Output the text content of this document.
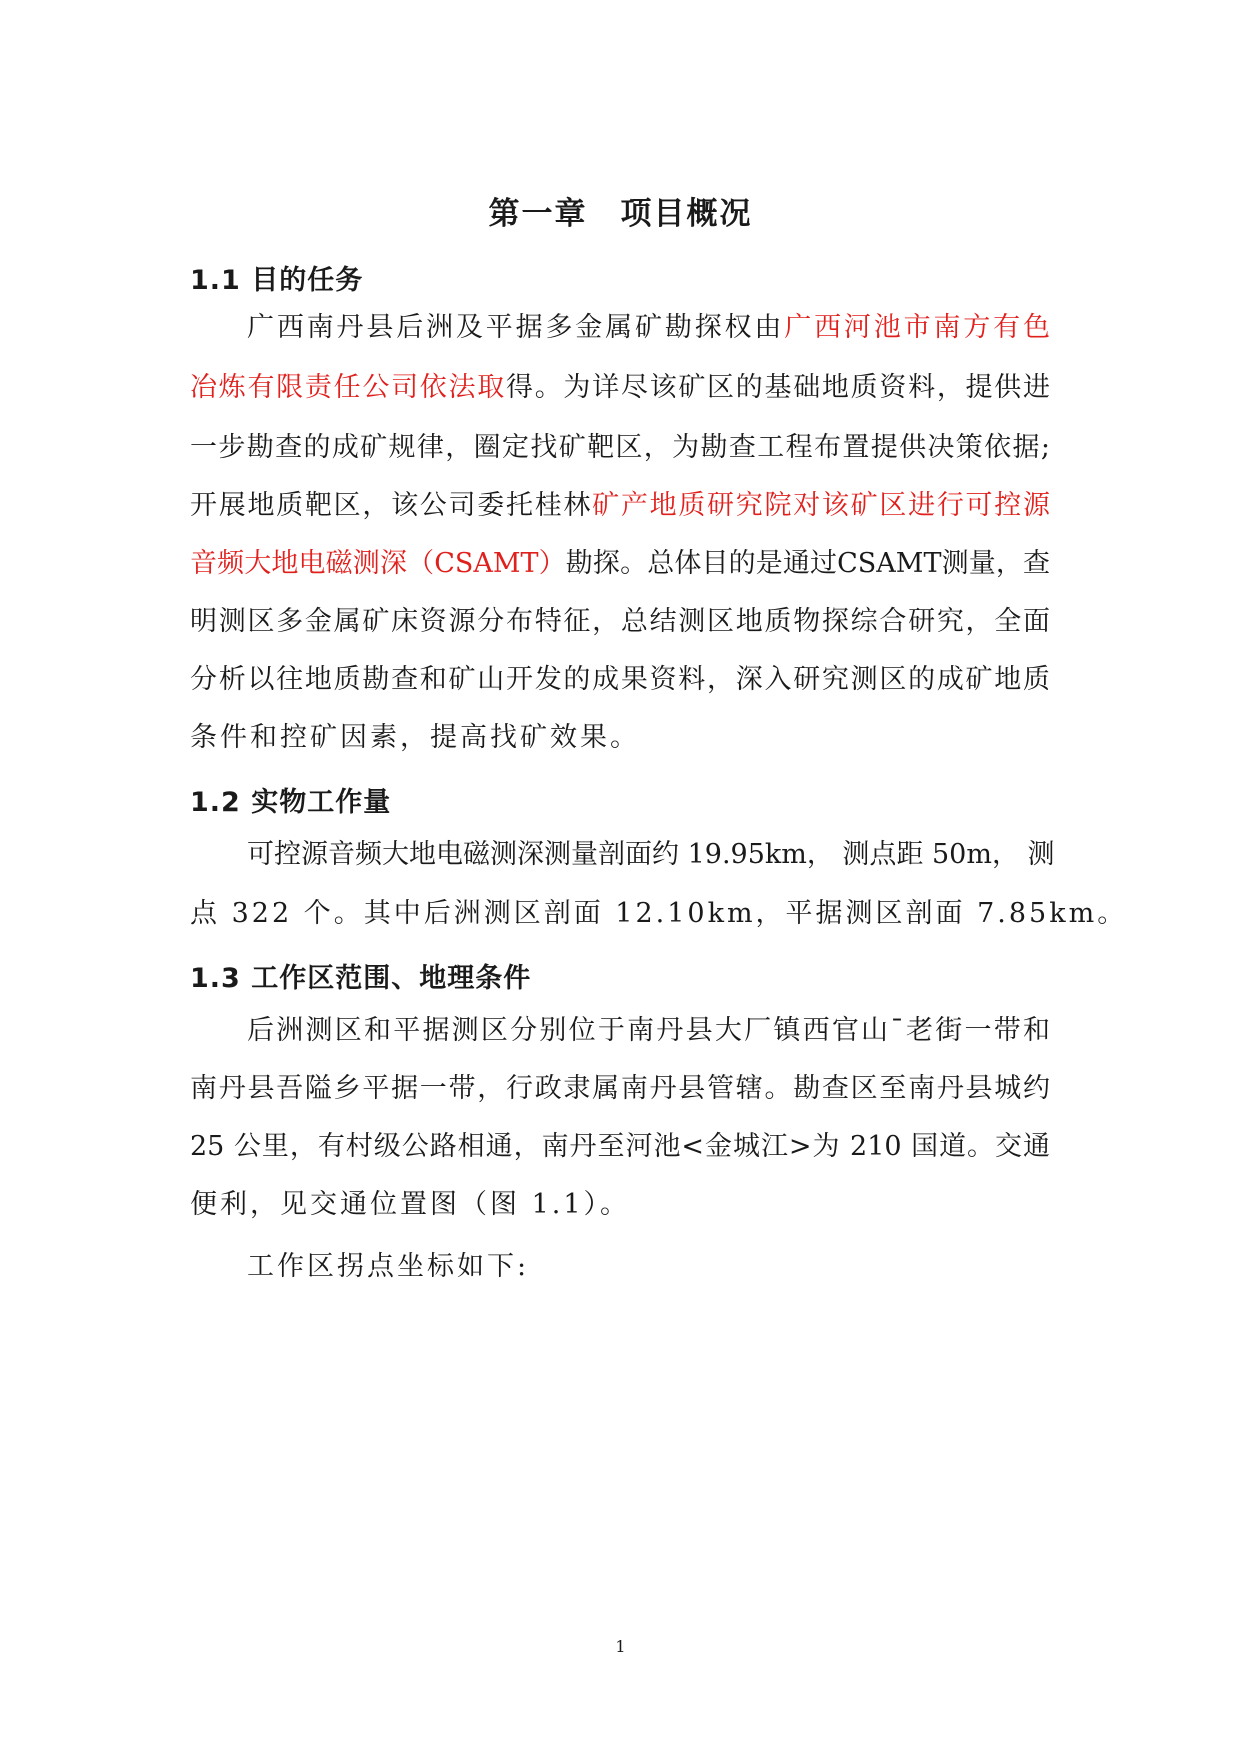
第一章　项目概况
1.1 目的任务
广西南丹县后洲及平据多金属矿勘探权由广西河池市南方有色
冶炼有限责任公司依法取得。为详尽该矿区的基础地质资料，提供进
一步勘查的成矿规律，圈定找矿靶区，为勘查工程布置提供决策依据;
开展地质靶区，该公司委托桂林矿产地质研究院对该矿区进行可控源
音频大地电磁测深（CSAMT）勘探。总体目的是通过CSAMT测量，查
明测区多金属矿床资源分布特征，总结测区地质物探综合研究，全面
分析以往地质勘查和矿山开发的成果资料，深入研究测区的成矿地质
条件和控矿因素，提高找矿效果。
1.2 实物工作量
可控源音频大地电磁测深测量剖面约 19.95km， 测点距 50m， 测
点 322 个。其中后洲测区剖面 12.10km，平据测区剖面 7.85km。
1.3 工作区范围、地理条件
后洲测区和平据测区分别位于南丹县大厂镇西官山¯老街一带和
南丹县吾隘乡平据一带，行政隶属南丹县管辖。勘查区至南丹县城约
25 公里，有村级公路相通，南丹至河池<金城江>为 210 国道。交通
便利，见交通位置图（图 1.1）。
工作区拐点坐标如下:
1
